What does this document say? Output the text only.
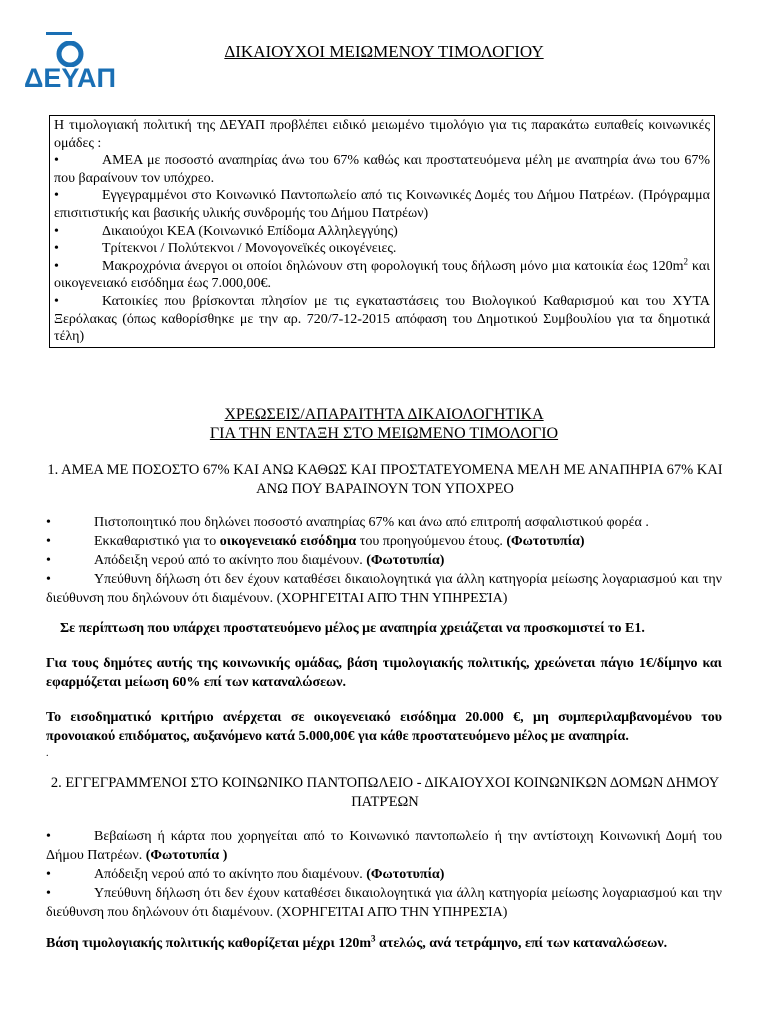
ΔΕΥΑΠ
ΔΙΚΑΙΟΥΧΟΙ ΜΕΙΩΜΕΝΟΥ ΤΙΜΟΛΟΓΙΟΥ

Η τιμολογιακή πολιτική της ΔΕΥΑΠ προβλέπει ειδικό μειωμένο τιμολόγιο για τις παρακάτω ευπαθείς κοινωνικές ομάδες :

•	ΑΜΕΑ με ποσοστό αναπηρίας άνω του 67% καθώς και προστατευόμενα μέλη με αναπηρία άνω του 67% που βαραίνουν τον υπόχρεο.

•	Εγγεγραμμένοι στο Κοινωνικό Παντοπωλείο από τις Κοινωνικές Δομές του Δήμου Πατρέων. (Πρόγραμμα επισιτιστικής και βασικής υλικής συνδρομής του Δήμου Πατρέων)

•	Δικαιούχοι ΚΕΑ (Κοινωνικό Επίδομα Αλληλεγγύης)

•	Τρίτεκνοι / Πολύτεκνοι / Μονογονεϊκές οικογένειες.

•	Μακροχρόνια άνεργοι οι οποίοι δηλώνουν στη φορολογική τους δήλωση μόνο μια κατοικία έως $120m^2$ και οικογενειακό εισόδημα έως 7.000,00€.

•	Κατοικίες που βρίσκονται πλησίον με τις εγκαταστάσεις του Βιολογικού Καθαρισμού και του ΧΥΤΑ Ξερόλακας (όπως καθορίσθηκε με την αρ. 720/7-12-2015 απόφαση του Δημοτικού Συμβουλίου για τα δημοτικά τέλη)

ΧΡΕΩΣΕΙΣ/ΑΠΑΡΑΙΤΗΤΑ ΔΙΚΑΙΟΛΟΓΗΤΙΚΑ
ΓΙΑ ΤΗΝ ΕΝΤΑΞΗ ΣΤΟ ΜΕΙΩΜΕΝΟ ΤΙΜΟΛΟΓΙΟ
1. ΑΜΕΑ ΜΕ ΠΟΣΟΣΤΟ 67% ΚΑΙ ΑΝΩ ΚΑΘΩΣ ΚΑΙ ΠΡΟΣΤΑΤΕΥΟΜΕΝΑ ΜΕΛΗ ΜΕ ΑΝΑΠΗΡΙΑ 67% ΚΑΙ ΑΝΩ ΠΟΥ ΒΑΡΑΙΝΟΥΝ ΤΟΝ ΥΠΟΧΡΕΟ

•	Πιστοποιητικό που δηλώνει ποσοστό αναπηρίας 67% και άνω από επιτροπή ασφαλιστικού φορέα .

•	Εκκαθαριστικό για το οικογενειακό εισόδημα του προηγούμενου έτους. (Φωτοτυπία)

•	Απόδειξη νερού από το ακίνητο που διαμένουν. (Φωτοτυπία)

•	Υπεύθυνη δήλωση ότι δεν έχουν καταθέσει δικαιολογητικά για άλλη κατηγορία μείωσης λογαριασμού και την διεύθυνση που δηλώνουν ότι διαμένουν. (ΧΟΡΗΓΕΊΤΑΙ ΑΠΌ ΤΗΝ ΥΠΗΡΕΣΊΑ)

Σε περίπτωση που υπάρχει προστατευόμενο μέλος με αναπηρία χρειάζεται να προσκομιστεί το Ε1.
Για τους δημότες αυτής της κοινωνικής ομάδας, βάση τιμολογιακής πολιτικής, χρεώνεται πάγιο 1€/δίμηνο και εφαρμόζεται μείωση 60% επί των καταναλώσεων.
Το εισοδηματικό κριτήριο ανέρχεται σε οικογενειακό εισόδημα 20.000 €, μη συμπεριλαμβανομένου του προνοιακού επιδόματος, αυξανόμενο κατά 5.000,00€ για κάθε προστατευόμενο μέλος με αναπηρία.
.
2. ΕΓΓΕΓΡΑΜΜΈΝΟΙ ΣΤΟ ΚΟΙΝΩΝΙΚΟ ΠΑΝΤΟΠΩΛΕΙΟ - ΔΙΚΑΙΟΥΧΟΙ ΚΟΙΝΩΝΙΚΩΝ ΔΟΜΩΝ ΔΗΜΟΥ ΠΑΤΡΈΩΝ

•	Βεβαίωση ή κάρτα που χορηγείται από το Κοινωνικό παντοπωλείο ή την αντίστοιχη Κοινωνική Δομή του Δήμου Πατρέων. (Φωτοτυπία )

•	Απόδειξη νερού από το ακίνητο που διαμένουν. (Φωτοτυπία)

•	Υπεύθυνη δήλωση ότι δεν έχουν καταθέσει δικαιολογητικά για άλλη κατηγορία μείωσης λογαριασμού και την διεύθυνση που δηλώνουν ότι διαμένουν. (ΧΟΡΗΓΕΊΤΑΙ ΑΠΌ ΤΗΝ ΥΠΗΡΕΣΊΑ)

Βάση τιμολογιακής πολιτικής καθορίζεται μέχρι $120m^3$ ατελώς, ανά τετράμηνο, επί των καταναλώσεων.
